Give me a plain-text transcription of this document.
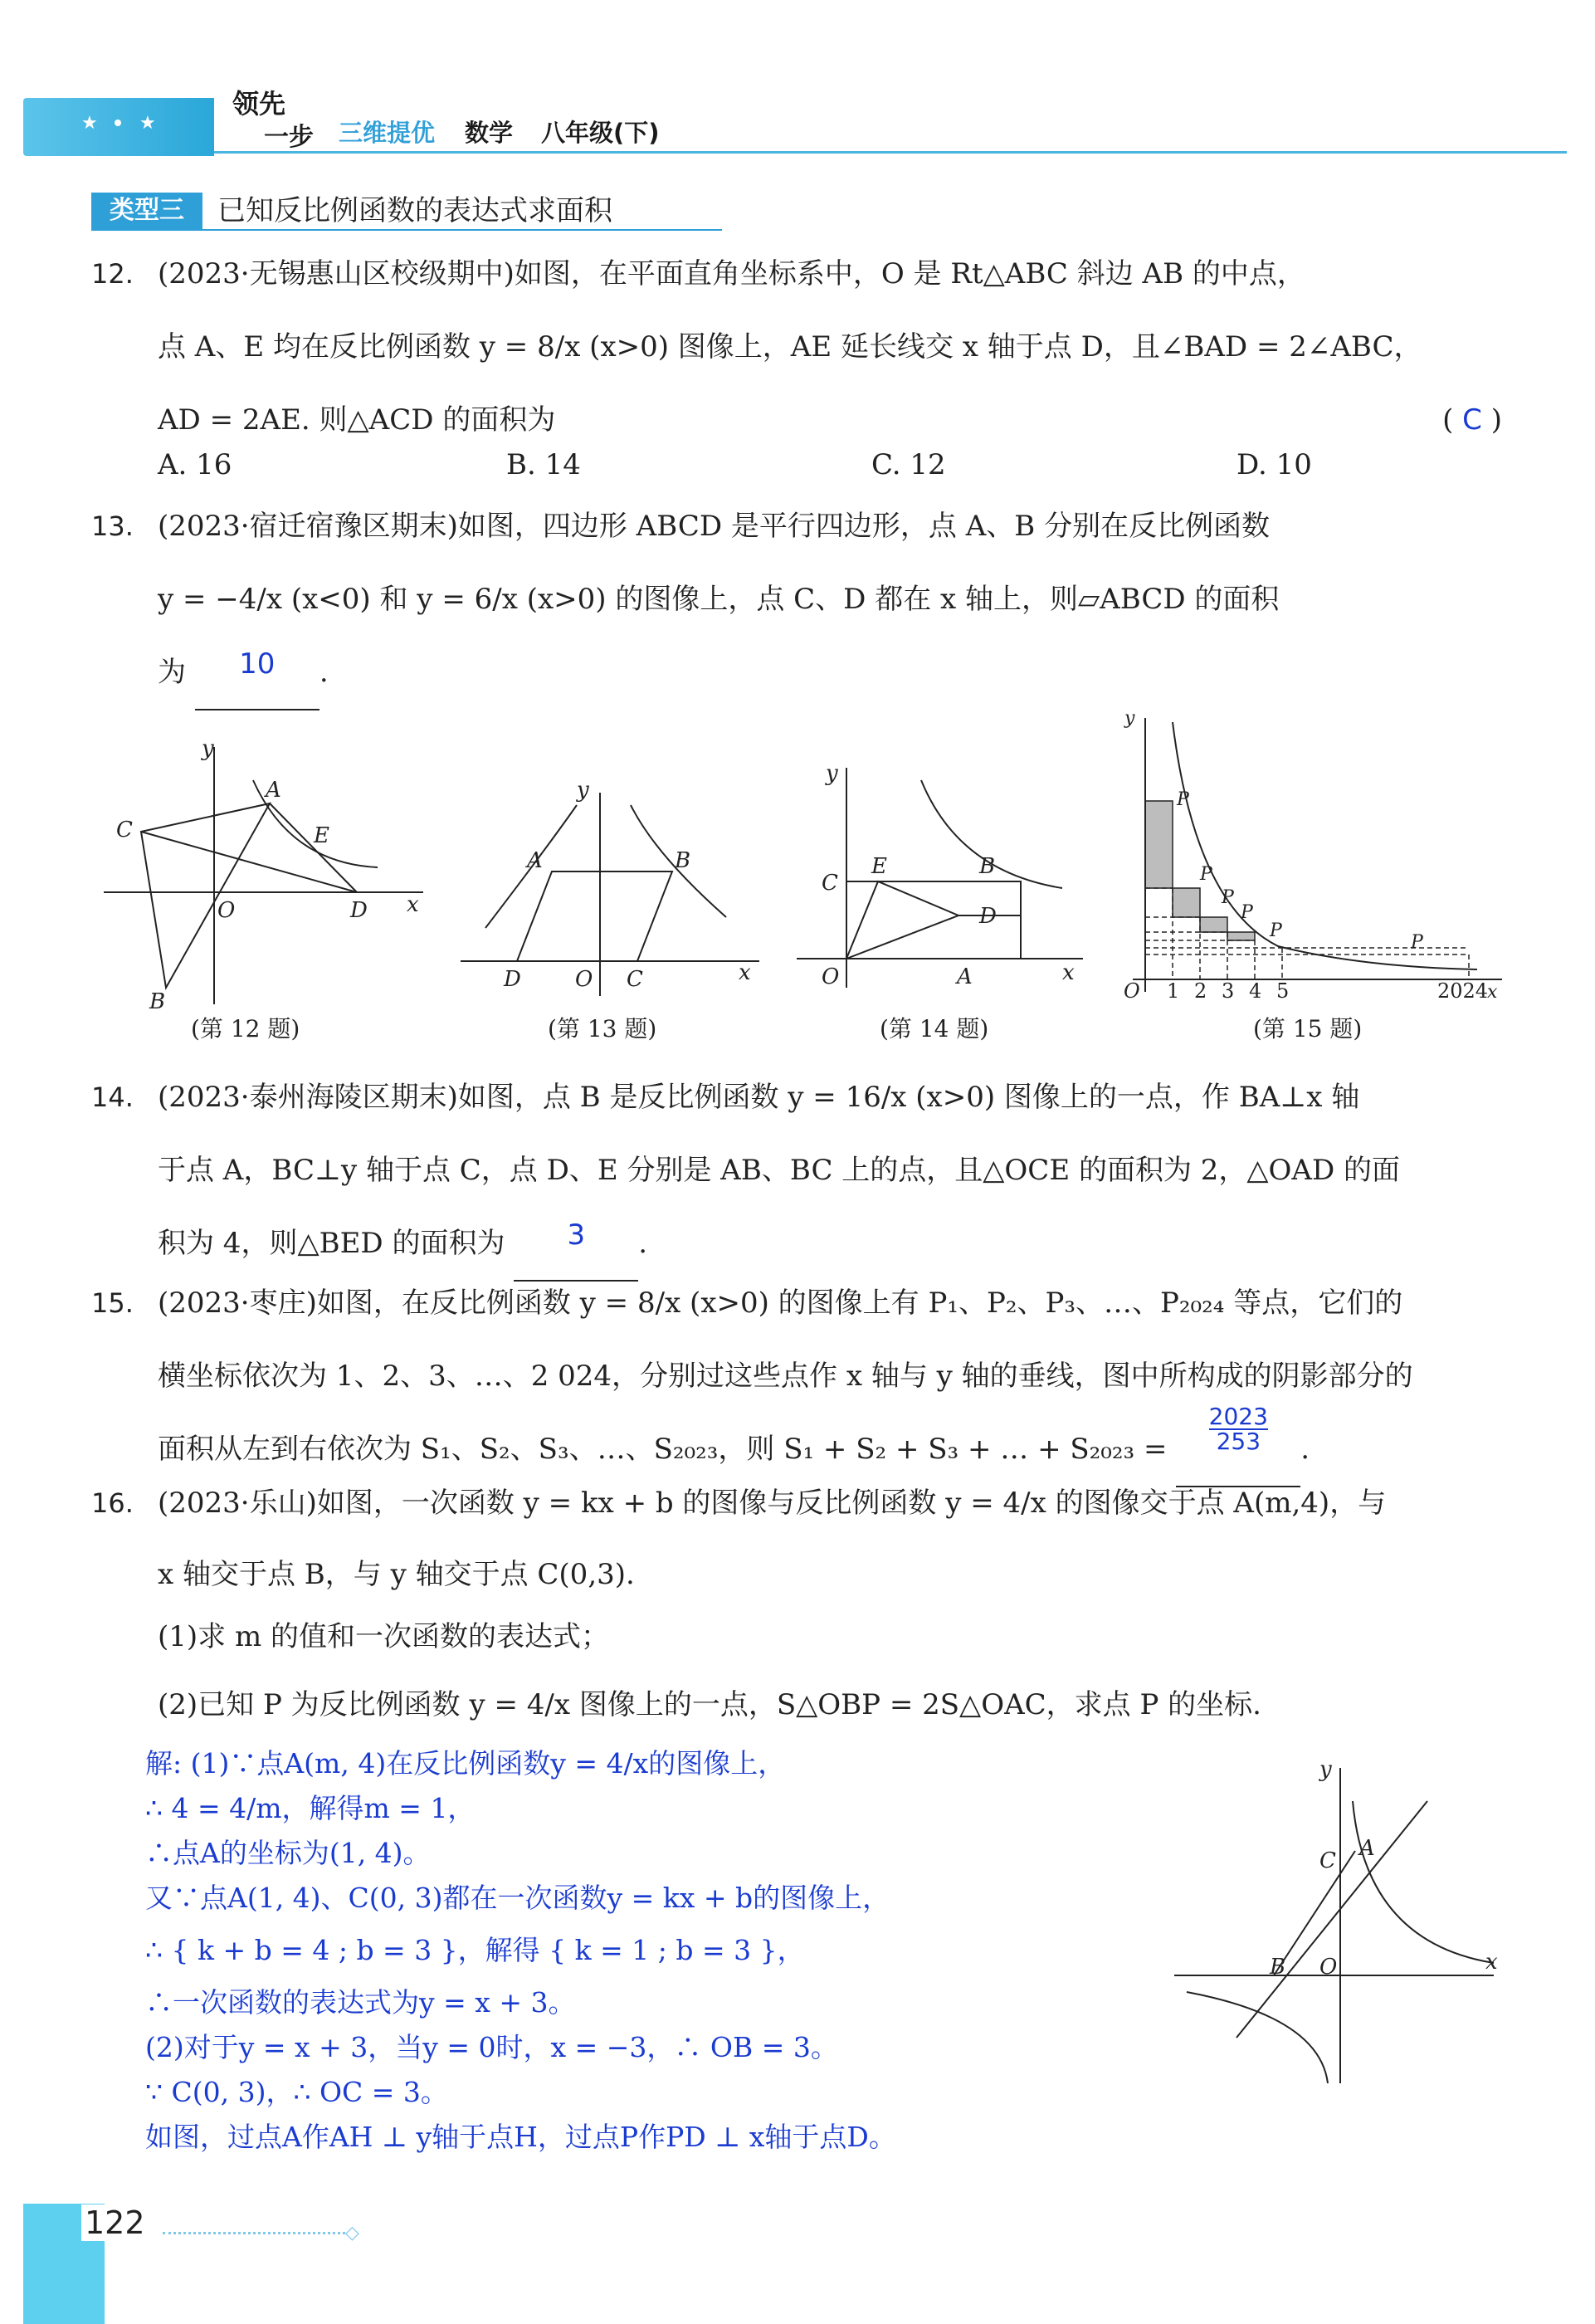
★ ★
领先
一步 三维提优 数学 八年级(下)
类型三	已知反比例函数的表达式求面积
12. (2023·无锡惠山区校级期中)如图，在平面直角坐标系中，O 是 Rt△ABC 斜边 AB 的中点，
点 A、E 均在反比例函数 y = 8/x (x>0) 图像上，AE 延长线交 x 轴于点 D，且∠BAD = 2∠ABC，
AD = 2AE. 则△ACD 的面积为	( C )
A. 16	B. 14	C. 12	D. 10
13. (2023·宿迁宿豫区期末)如图，四边形 ABCD 是平行四边形，点 A、B 分别在反比例函数
y = −4/x (x<0) 和 y = 6/x (x>0) 的图像上，点 C、D 都在 x 轴上，则▱ABCD 的面积
为 10 .
y
x
O
A
C	E
D
B
(第 12 题)
y
x
A	B
D	O C
(第 13 题)
y
x
C
E	B
D
O	A
(第 14 题)
y
x
P
P
P
P
P
P
O 1 2 3 4 5	2024
(第 15 题)
14. (2023·泰州海陵区期末)如图，点 B 是反比例函数 y = 16/x (x>0) 图像上的一点，作 BA⊥x 轴
于点 A，BC⊥y 轴于点 C，点 D、E 分别是 AB、BC 上的点，且△OCE 的面积为 2，△OAD 的面
积为 4，则△BED 的面积为 3 .
15. (2023·枣庄)如图，在反比例函数 y = 8/x (x>0) 的图像上有 P₁、P₂、P₃、…、P₂₀₂₄ 等点，它们的
横坐标依次为 1、2、3、…、2 024，分别过这些点作 x 轴与 y 轴的垂线，图中所构成的阴影部分的
面积从左到右依次为 S₁、S₂、S₃、…、S₂₀₂₃，则 S₁ + S₂ + S₃ + … + $S_{2023} = \frac{2023}{253}$ .
16. (2023·乐山)如图，一次函数 y = kx + b 的图像与反比例函数 y = 4/x 的图像交于点 A(m,4)，与
x 轴交于点 B，与 y 轴交于点 C(0,3).
(1)求 m 的值和一次函数的表达式；
(2)已知 P 为反比例函数 y = 4/x 图像上的一点，S△OBP = 2S△OAC，求点 P 的坐标.
解: (1)∵点A(m, 4)在反比例函数y = 4/x的图像上，
∴ 4 = 4/m，解得m = 1，
∴点A的坐标为(1, 4)。
又∵点A(1, 4)、C(0, 3)都在一次函数y = kx + b的图像上，
∴ { k + b = 4 ; b = 3 }，解得 { k = 1 ; b = 3 }，
∴一次函数的表达式为y = x + 3。
(2)对于y = x + 3，当y = 0时，x = −3，∴ OB = 3。
∵ C(0, 3)，∴ OC = 3。
如图，过点A作AH ⊥ y轴于点H，过点P作PD ⊥ x轴于点D。
y
x
C A
B O
122	◇
